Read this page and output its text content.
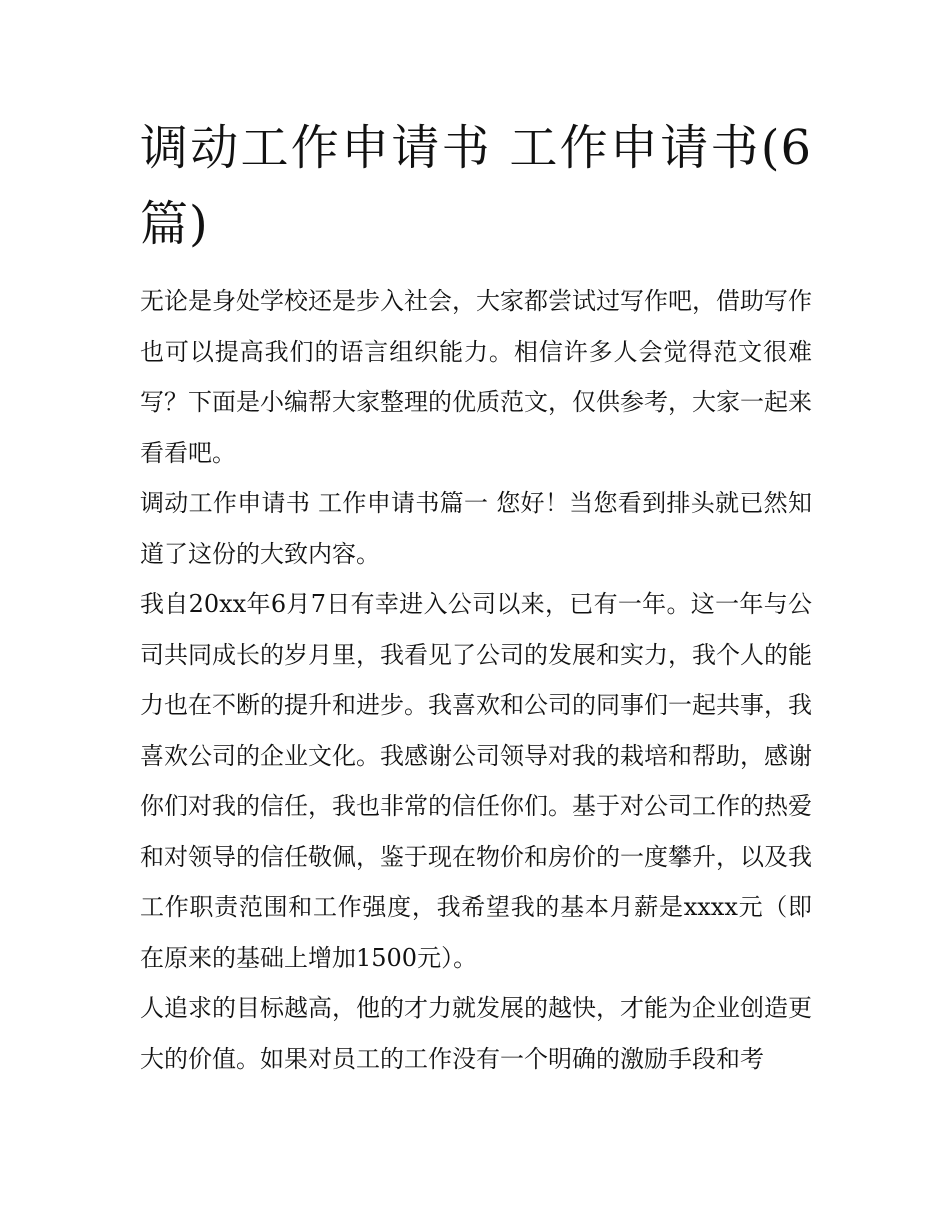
调动工作申请书 工作申请书(6篇)

无论是身处学校还是步入社会，大家都尝试过写作吧，借助写作也可以提高我们的语言组织能力。相信许多人会觉得范文很难写？下面是小编帮大家整理的优质范文，仅供参考，大家一起来看看吧。

调动工作申请书 工作申请书篇一 您好！当您看到排头就已然知道了这份的大致内容。

我自20xx年6月7日有幸进入公司以来，已有一年。这一年与公司共同成长的岁月里，我看见了公司的发展和实力，我个人的能力也在不断的提升和进步。我喜欢和公司的同事们一起共事，我喜欢公司的企业文化。我感谢公司领导对我的栽培和帮助，感谢你们对我的信任，我也非常的信任你们。基于对公司工作的热爱和对领导的信任敬佩，鉴于现在物价和房价的一度攀升，以及我工作职责范围和工作强度，我希望我的基本月薪是xxxx元（即在原来的基础上增加1500元）。

人追求的目标越高，他的才力就发展的越快，才能为企业创造更大的价值。如果对员工的工作没有一个明确的激励手段和考
